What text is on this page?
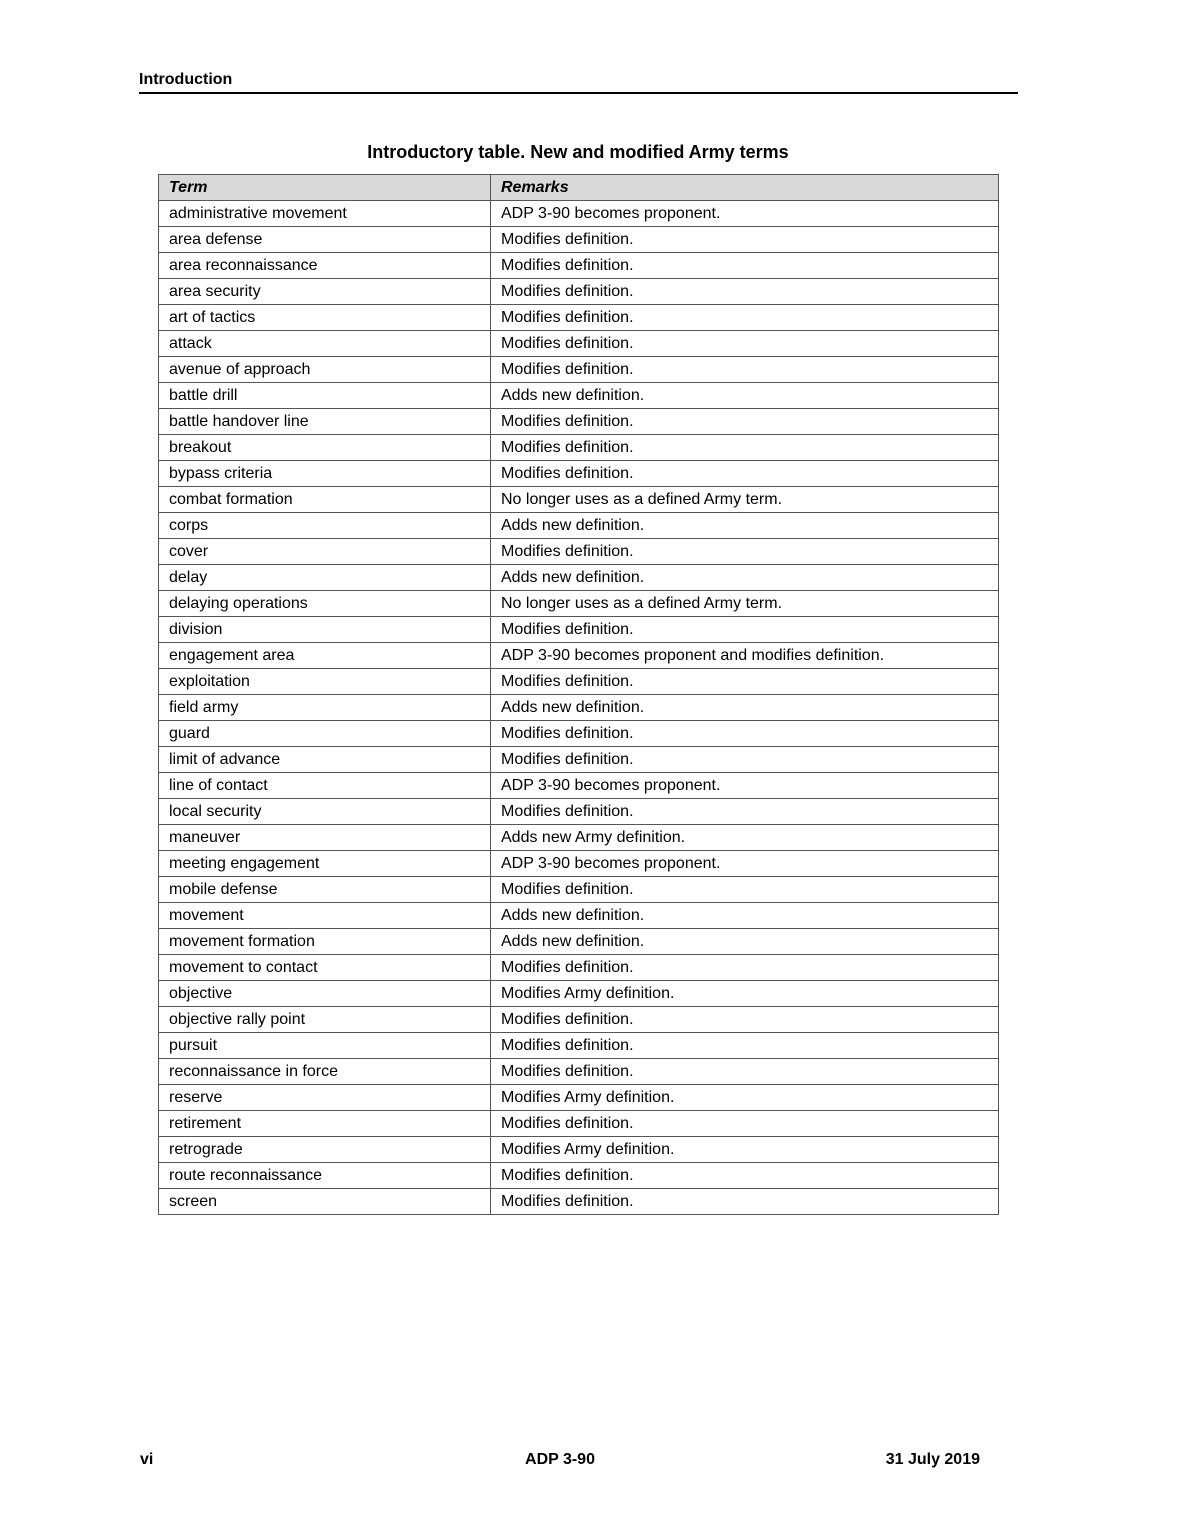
Introduction
Introductory table. New and modified Army terms
Term	Remarks
administrative movement	ADP 3-90 becomes proponent.
area defense	Modifies definition.
area reconnaissance	Modifies definition.
area security	Modifies definition.
art of tactics	Modifies definition.
attack	Modifies definition.
avenue of approach	Modifies definition.
battle drill	Adds new definition.
battle handover line	Modifies definition.
breakout	Modifies definition.
bypass criteria	Modifies definition.
combat formation	No longer uses as a defined Army term.
corps	Adds new definition.
cover	Modifies definition.
delay	Adds new definition.
delaying operations	No longer uses as a defined Army term.
division	Modifies definition.
engagement area	ADP 3-90 becomes proponent and modifies definition.
exploitation	Modifies definition.
field army	Adds new definition.
guard	Modifies definition.
limit of advance	Modifies definition.
line of contact	ADP 3-90 becomes proponent.
local security	Modifies definition.
maneuver	Adds new Army definition.
meeting engagement	ADP 3-90 becomes proponent.
mobile defense	Modifies definition.
movement	Adds new definition.
movement formation	Adds new definition.
movement to contact	Modifies definition.
objective	Modifies Army definition.
objective rally point	Modifies definition.
pursuit	Modifies definition.
reconnaissance in force	Modifies definition.
reserve	Modifies Army definition.
retirement	Modifies definition.
retrograde	Modifies Army definition.
route reconnaissance	Modifies definition.
screen	Modifies definition.
vi	ADP 3-90	31 July 2019
